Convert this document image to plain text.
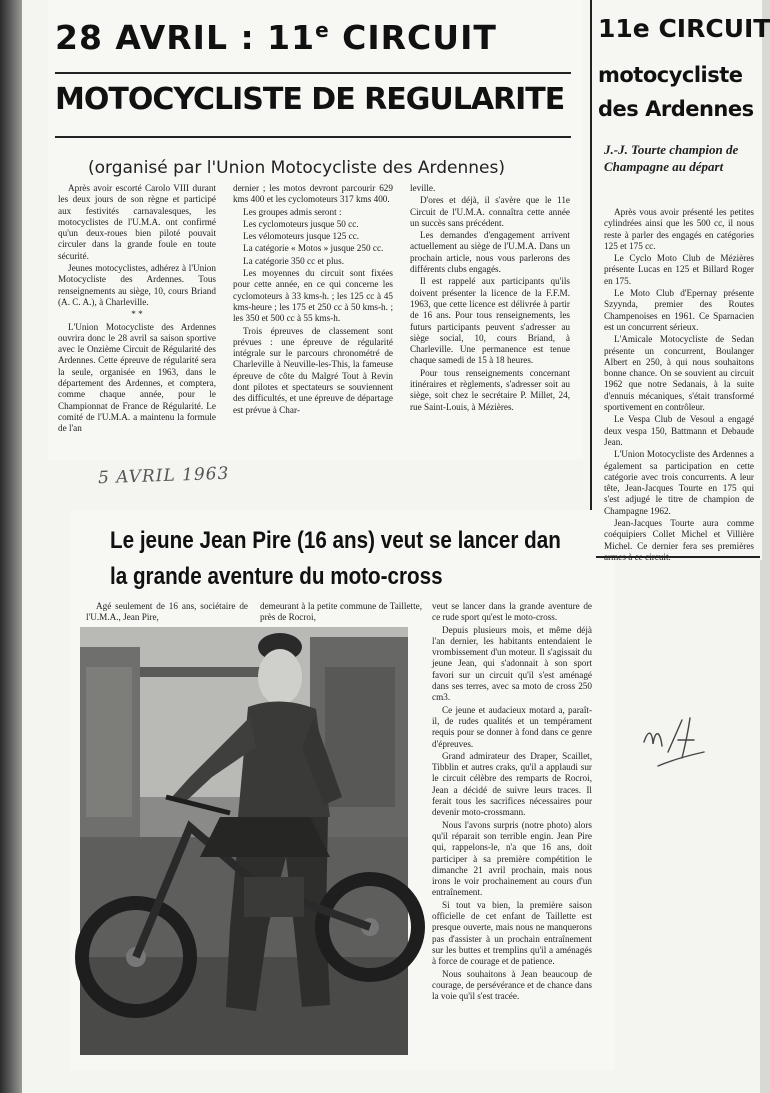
28 AVRIL : 11e CIRCUIT
MOTOCYCLISTE DE REGULARITE
(organisé par l'Union Motocycliste des Ardennes)

Après avoir escorté Carolo VIII durant les deux jours de son règne et participé aux festivités carnavalesques, les motocyclistes de l'U.M.A. ont confirmé qu'un deux-roues bien piloté pouvait circuler dans la grande foule en toute sécurité.

Jeunes motocyclistes, adhérez à l'Union Motocycliste des Ardennes. Tous renseignements au siège, 10, cours Briand (A. C. A.), à Charleville.

* *

L'Union Motocycliste des Ardennes ouvrira donc le 28 avril sa saison sportive avec le Onzième Circuit de Régularité des Ardennes. Cette épreuve de régularité sera la seule, organisée en 1963, dans le département des Ardennes, et comptera, comme chaque année, pour le Championnat de France de Régularité. Le comité de l'U.M.A. a maintenu la formule de l'an

dernier ; les motos devront parcourir 629 kms 400 et les cyclomoteurs 317 kms 400.

Les groupes admis seront :

Les cyclomoteurs jusque 50 cc.

Les vélomoteurs jusque 125 cc.

La catégorie « Motos » jusque 250 cc.

La catégorie 350 cc et plus.

Les moyennes du circuit sont fixées pour cette année, en ce qui concerne les cyclomoteurs à 33 kms-h. ; les 125 cc à 45 kms-heure ; les 175 et 250 cc à 50 kms-h. ; les 350 et 500 cc à 55 kms-h.

Trois épreuves de classement sont prévues : une épreuve de régularité intégrale sur le parcours chronométré de Charleville à Neuville-les-This, la fameuse épreuve de côte du Malgré Tout à Revin dont pilotes et spectateurs se souviennent des difficultés, et une épreuve de départage est prévue à Char-

leville.

D'ores et déjà, il s'avère que le 11e Circuit de l'U.M.A. connaîtra cette année un succès sans précédent.

Les demandes d'engagement arrivent actuellement au siège de l'U.M.A. Dans un prochain article, nous vous parlerons des différents clubs engagés.

Il est rappelé aux participants qu'ils doivent présenter la licence de la F.F.M. 1963, que cette licence est délivrée à partir de 16 ans. Pour tous renseignements, les futurs participants peuvent s'adresser au siège social, 10, cours Briand, à Charleville. Une permanence est tenue chaque samedi de 15 à 18 heures.

Pour tous renseignements concernant itinéraires et règlements, s'adresser soit au siège, soit chez le secrétaire P. Millet, 24, rue Saint-Louis, à Mézières.

11e CIRCUIT
motocycliste des Ardennes
J.-J. Tourte champion de Champagne au départ

Après vous avoir présenté les petites cylindrées ainsi que les 500 cc, il nous reste à parler des engagés en catégories 125 et 175 cc.

Le Cyclo Moto Club de Mézières présente Lucas en 125 et Billard Roger en 175.

Le Moto Club d'Epernay présente Szyynda, premier des Routes Champenoises en 1961. Ce Sparnacien est un concurrent sérieux.

L'Amicale Motocycliste de Sedan présente un concurrent, Boulanger Albert en 250, à qui nous souhaitons bonne chance. On se souvient au circuit 1962 que notre Sedanais, à la suite d'ennuis mécaniques, s'était transformé sportivement en contrôleur.

Le Vespa Club de Vesoul a engagé deux vespa 150, Battmann et Debaude Jean.

L'Union Motocycliste des Ardennes a également sa participation en cette catégorie avec trois concurrents. A leur tête, Jean-Jacques Tourte en 175 qui s'est adjugé le titre de champion de Champagne 1962.

Jean-Jacques Tourte aura comme coéquipiers Collet Michel et Villière Michel. Ce dernier fera ses premières

5 AVRIL 1963
Le jeune Jean Pire (16 ans) veut se lancer dan
la grande aventure du moto-cross

Agé seulement de 16 ans, sociétaire de l'U.M.A., Jean Pire,

demeurant à la petite commune de Taillette, près de Rocroi,

veut se lancer dans la grande aventure de ce rude sport qu'est le moto-cross.

Depuis plusieurs mois, et même déjà l'an dernier, les habitants entendaient le vrombissement d'un moteur. Il s'agissait du jeune Jean, qui s'adonnait à son sport favori sur un circuit qu'il s'est aménagé dans ses terres, avec sa moto de cross 250 cm3.

Ce jeune et audacieux motard a, paraît-il, de rudes qualités et un tempérament requis pour se donner à fond dans ce genre d'épreuves.

Grand admirateur des Draper, Scaillet, Tibblin et autres craks, qu'il a applaudi sur le circuit célèbre des remparts de Rocroi, Jean a décidé de suivre leurs traces. Il ferait tous les sacrifices nécessaires pour devenir moto-crossmann.

Nous l'avons surpris (notre photo) alors qu'il réparait son terrible engin. Jean Pire qui, rappelons-le, n'a que 16 ans, doit participer à sa première compétition le dimanche 21 avril prochain, mais nous irons le voir prochainement au cours d'un entraînement.

Si tout va bien, la première saison officielle de cet enfant de Taillette est presque ouverte, mais nous ne manquerons pas d'assister à un prochain entraînement sur les buttes et tremplins qu'il a aménagés à force de courage et de patience.

Nous souhaitons à Jean beaucoup de courage, de persévérance et de chance dans la voie qu'il s'est tracée.
